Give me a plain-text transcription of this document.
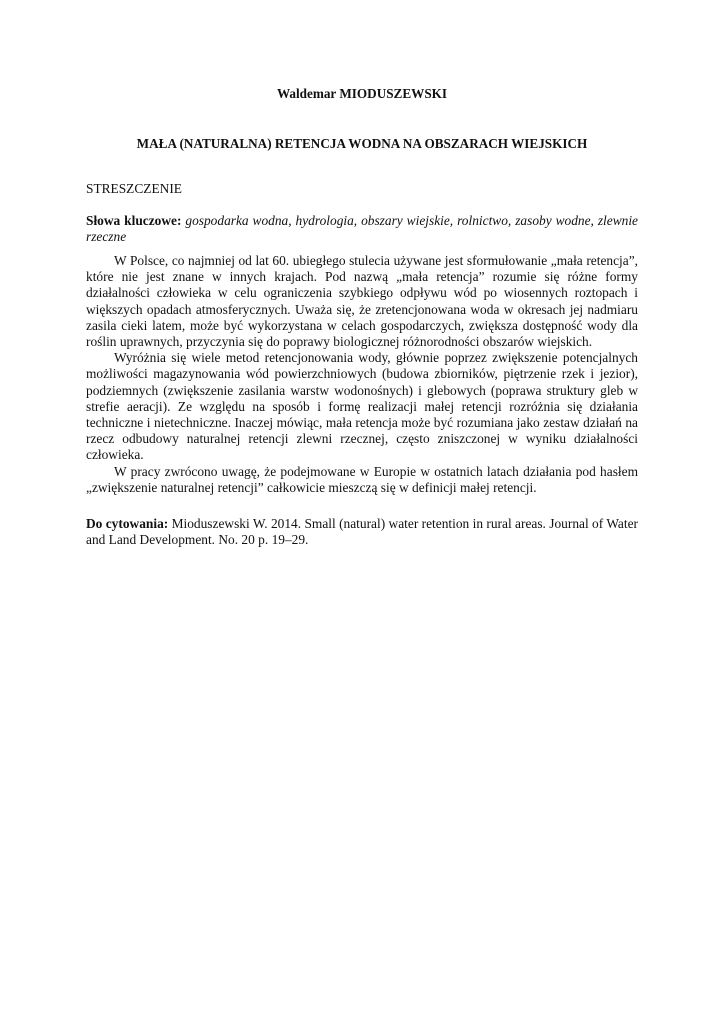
Waldemar MIODUSZEWSKI
MAŁA (NATURALNA) RETENCJA WODNA NA OBSZARACH WIEJSKICH
STRESZCZENIE
Słowa kluczowe: gospodarka wodna, hydrologia, obszary wiejskie, rolnictwo, zasoby wodne, zlewnie rzeczne

W Polsce, co najmniej od lat 60. ubiegłego stulecia używane jest sformułowanie „mała retencja”, które nie jest znane w innych krajach. Pod nazwą „mała retencja” rozumie się różne formy działalności człowieka w celu ograniczenia szybkiego odpływu wód po wiosennych roztopach i większych opadach atmosferycznych. Uważa się, że zretencjonowana woda w okresach jej nadmiaru zasila cieki latem, może być wykorzystana w celach gospodarczych, zwiększa dostępność wody dla roślin uprawnych, przyczynia się do poprawy biologicznej różnorodności obszarów wiejskich.

Wyróżnia się wiele metod retencjonowania wody, głównie poprzez zwiększenie potencjalnych możliwości magazynowania wód powierzchniowych (budowa zbiorników, piętrzenie rzek i jezior), podziemnych (zwiększenie zasilania warstw wodonośnych) i glebowych (poprawa struktury gleb w strefie aeracji). Ze względu na sposób i formę realizacji małej retencji rozróżnia się działania techniczne i nietechniczne. Inaczej mówiąc, mała retencja może być rozumiana jako zestaw działań na rzecz odbudowy naturalnej retencji zlewni rzecznej, często zniszczonej w wyniku działalności człowieka.

W pracy zwrócono uwagę, że podejmowane w Europie w ostatnich latach działania pod hasłem „zwiększenie naturalnej retencji” całkowicie mieszczą się w definicji małej retencji.

Do cytowania: Mioduszewski W. 2014. Small (natural) water retention in rural areas. Journal of Water and Land Development. No. 20 p. 19–29.
